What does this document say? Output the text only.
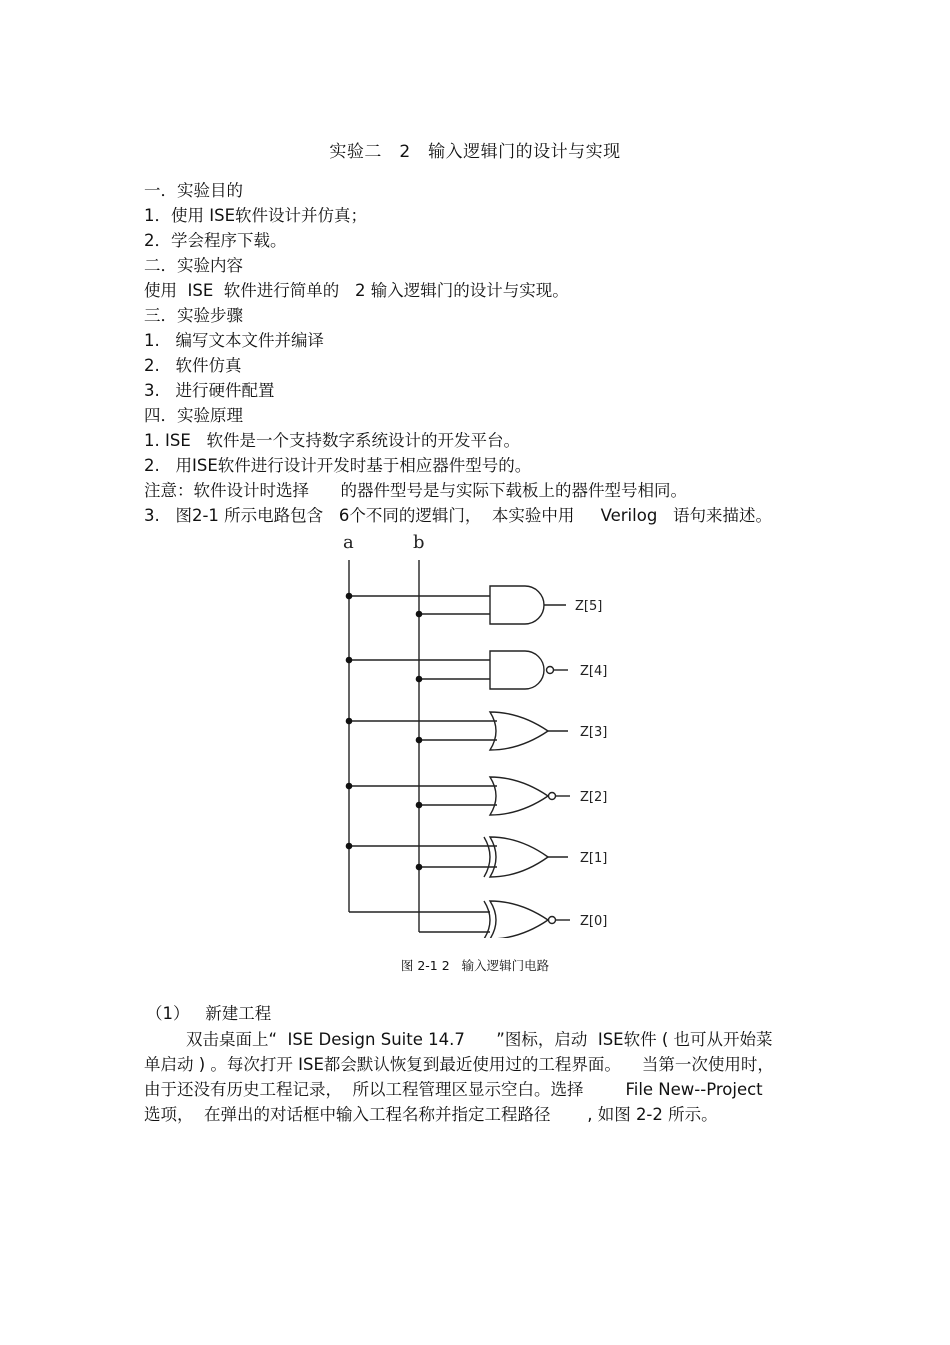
实验二　2　输入逻辑门的设计与实现
一．实验目的
1．使用 ISE软件设计并仿真；
2．学会程序下载。
二．实验内容
使用  ISE  软件进行简单的   2 输入逻辑门的设计与实现。
三．实验步骤
1.   编写文本文件并编译
2.   软件仿真
3.   进行硬件配置
四．实验原理
1. ISE   软件是一个支持数字系统设计的开发平台。
2.   用ISE软件进行设计开发时基于相应器件型号的。
注意：软件设计时选择      的器件型号是与实际下载板上的器件型号相同。
3.   图2-1 所示电路包含   6个不同的逻辑门，  本实验中用     Verilog   语句来描述。
a	b
Z[5]
Z[4]
Z[3]
Z[2]
Z[1]
Z[0]
图 2-1 2   输入逻辑门电路
（1）   新建工程
双击桌面上“  ISE Design Suite 14.7      ”图标，启动  ISE软件 ( 也可从开始菜
单启动 ) 。每次打开 ISE都会默认恢复到最近使用过的工程界面。    当第一次使用时，
由于还没有历史工程记录，  所以工程管理区显示空白。选择        File New--Project
选项，  在弹出的对话框中输入工程名称并指定工程路径       , 如图 2-2 所示。
